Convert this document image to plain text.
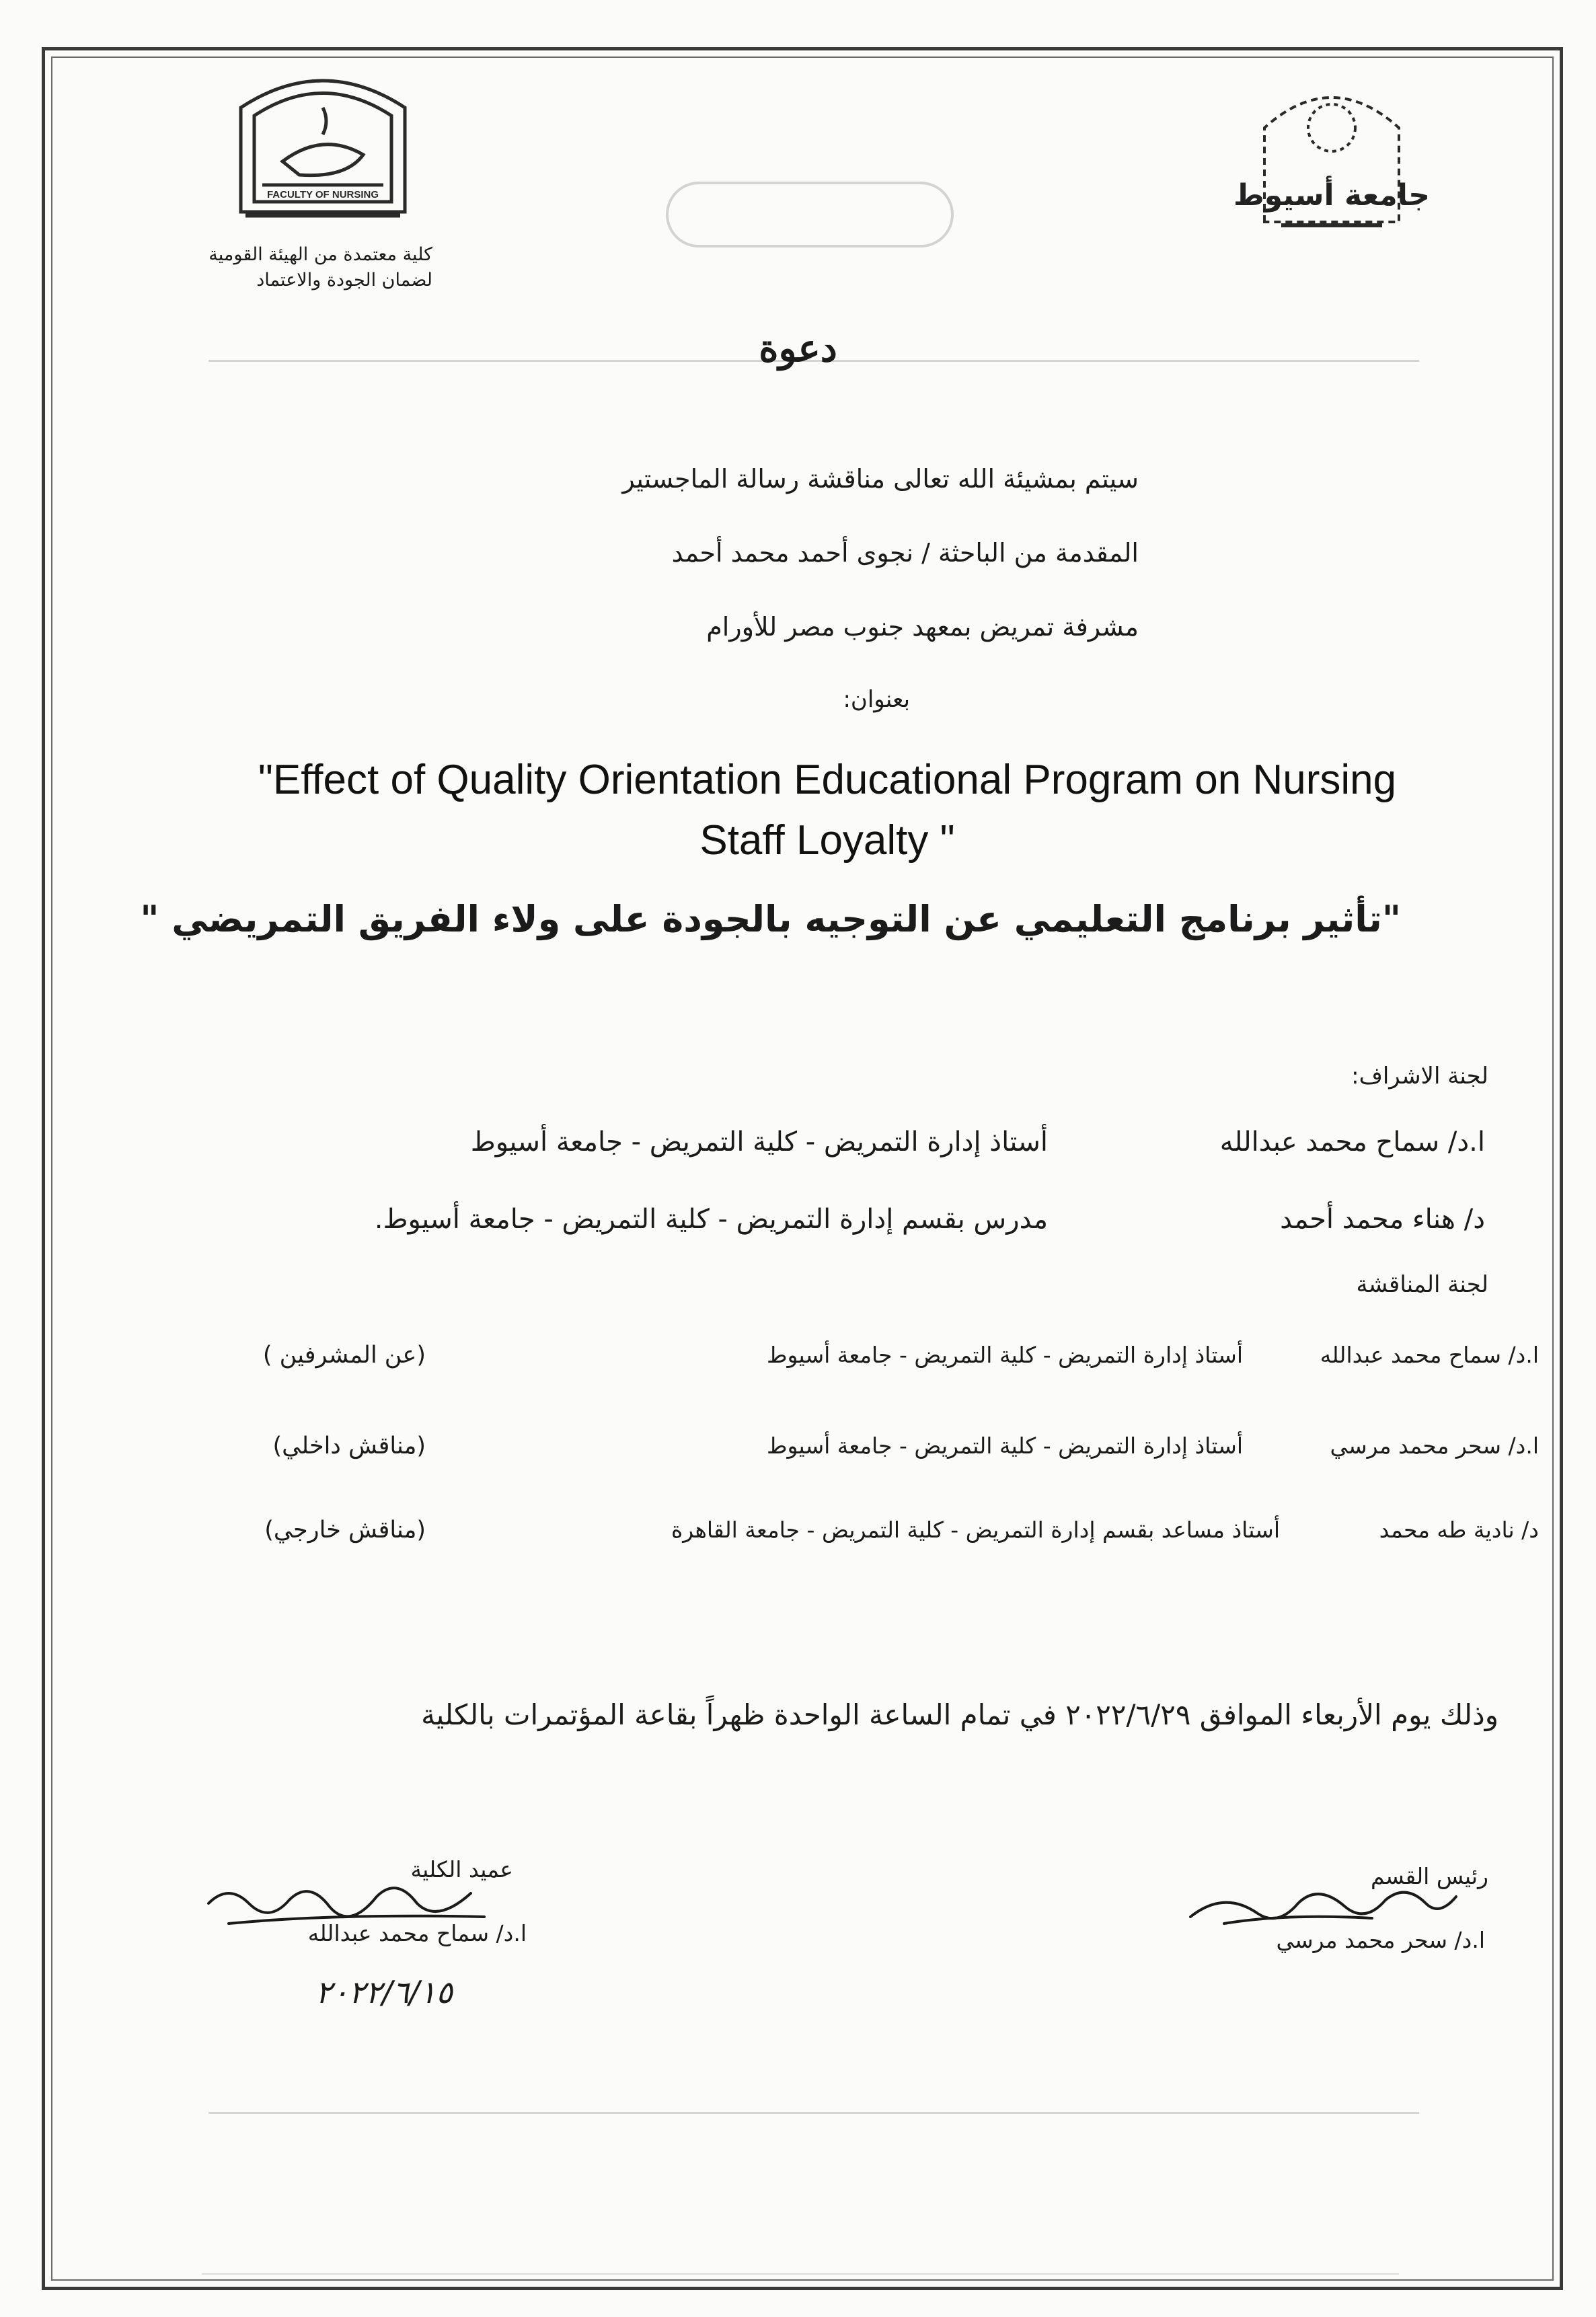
FACULTY OF NURSING
كلية معتمدة من الهيئة القومية
لضمان الجودة والاعتماد
جامعة أسيوط
دعوة
سيتم بمشيئة الله تعالى مناقشة رسالة الماجستير
المقدمة من الباحثة / نجوى أحمد محمد أحمد
مشرفة تمريض بمعهد جنوب مصر للأورام
بعنوان:
"Effect of Quality Orientation Educational Program on Nursing
Staff Loyalty "
"تأثير برنامج التعليمي عن التوجيه بالجودة على ولاء الفريق التمريضي "
لجنة الاشراف:
ا.د/ سماح محمد عبدالله
أستاذ إدارة التمريض - كلية التمريض - جامعة أسيوط
د/ هناء محمد أحمد
مدرس بقسم إدارة التمريض - كلية التمريض - جامعة أسيوط.
لجنة المناقشة
ا.د/ سماح محمد عبدالله
أستاذ إدارة التمريض - كلية التمريض - جامعة أسيوط
(عن المشرفين )
ا.د/ سحر محمد مرسي
أستاذ إدارة التمريض - كلية التمريض - جامعة أسيوط
(مناقش داخلي)
د/ نادية طه محمد
أستاذ مساعد بقسم إدارة التمريض - كلية التمريض - جامعة القاهرة
(مناقش خارجي)
وذلك يوم الأربعاء الموافق ٢٠٢٢/٦/٢٩ في تمام الساعة الواحدة ظهراً بقاعة المؤتمرات بالكلية
رئيس القسم
ا.د/ سحر محمد مرسي
عميد الكلية
ا.د/ سماح محمد عبدالله
٢٠٢٢/٦/١٥
